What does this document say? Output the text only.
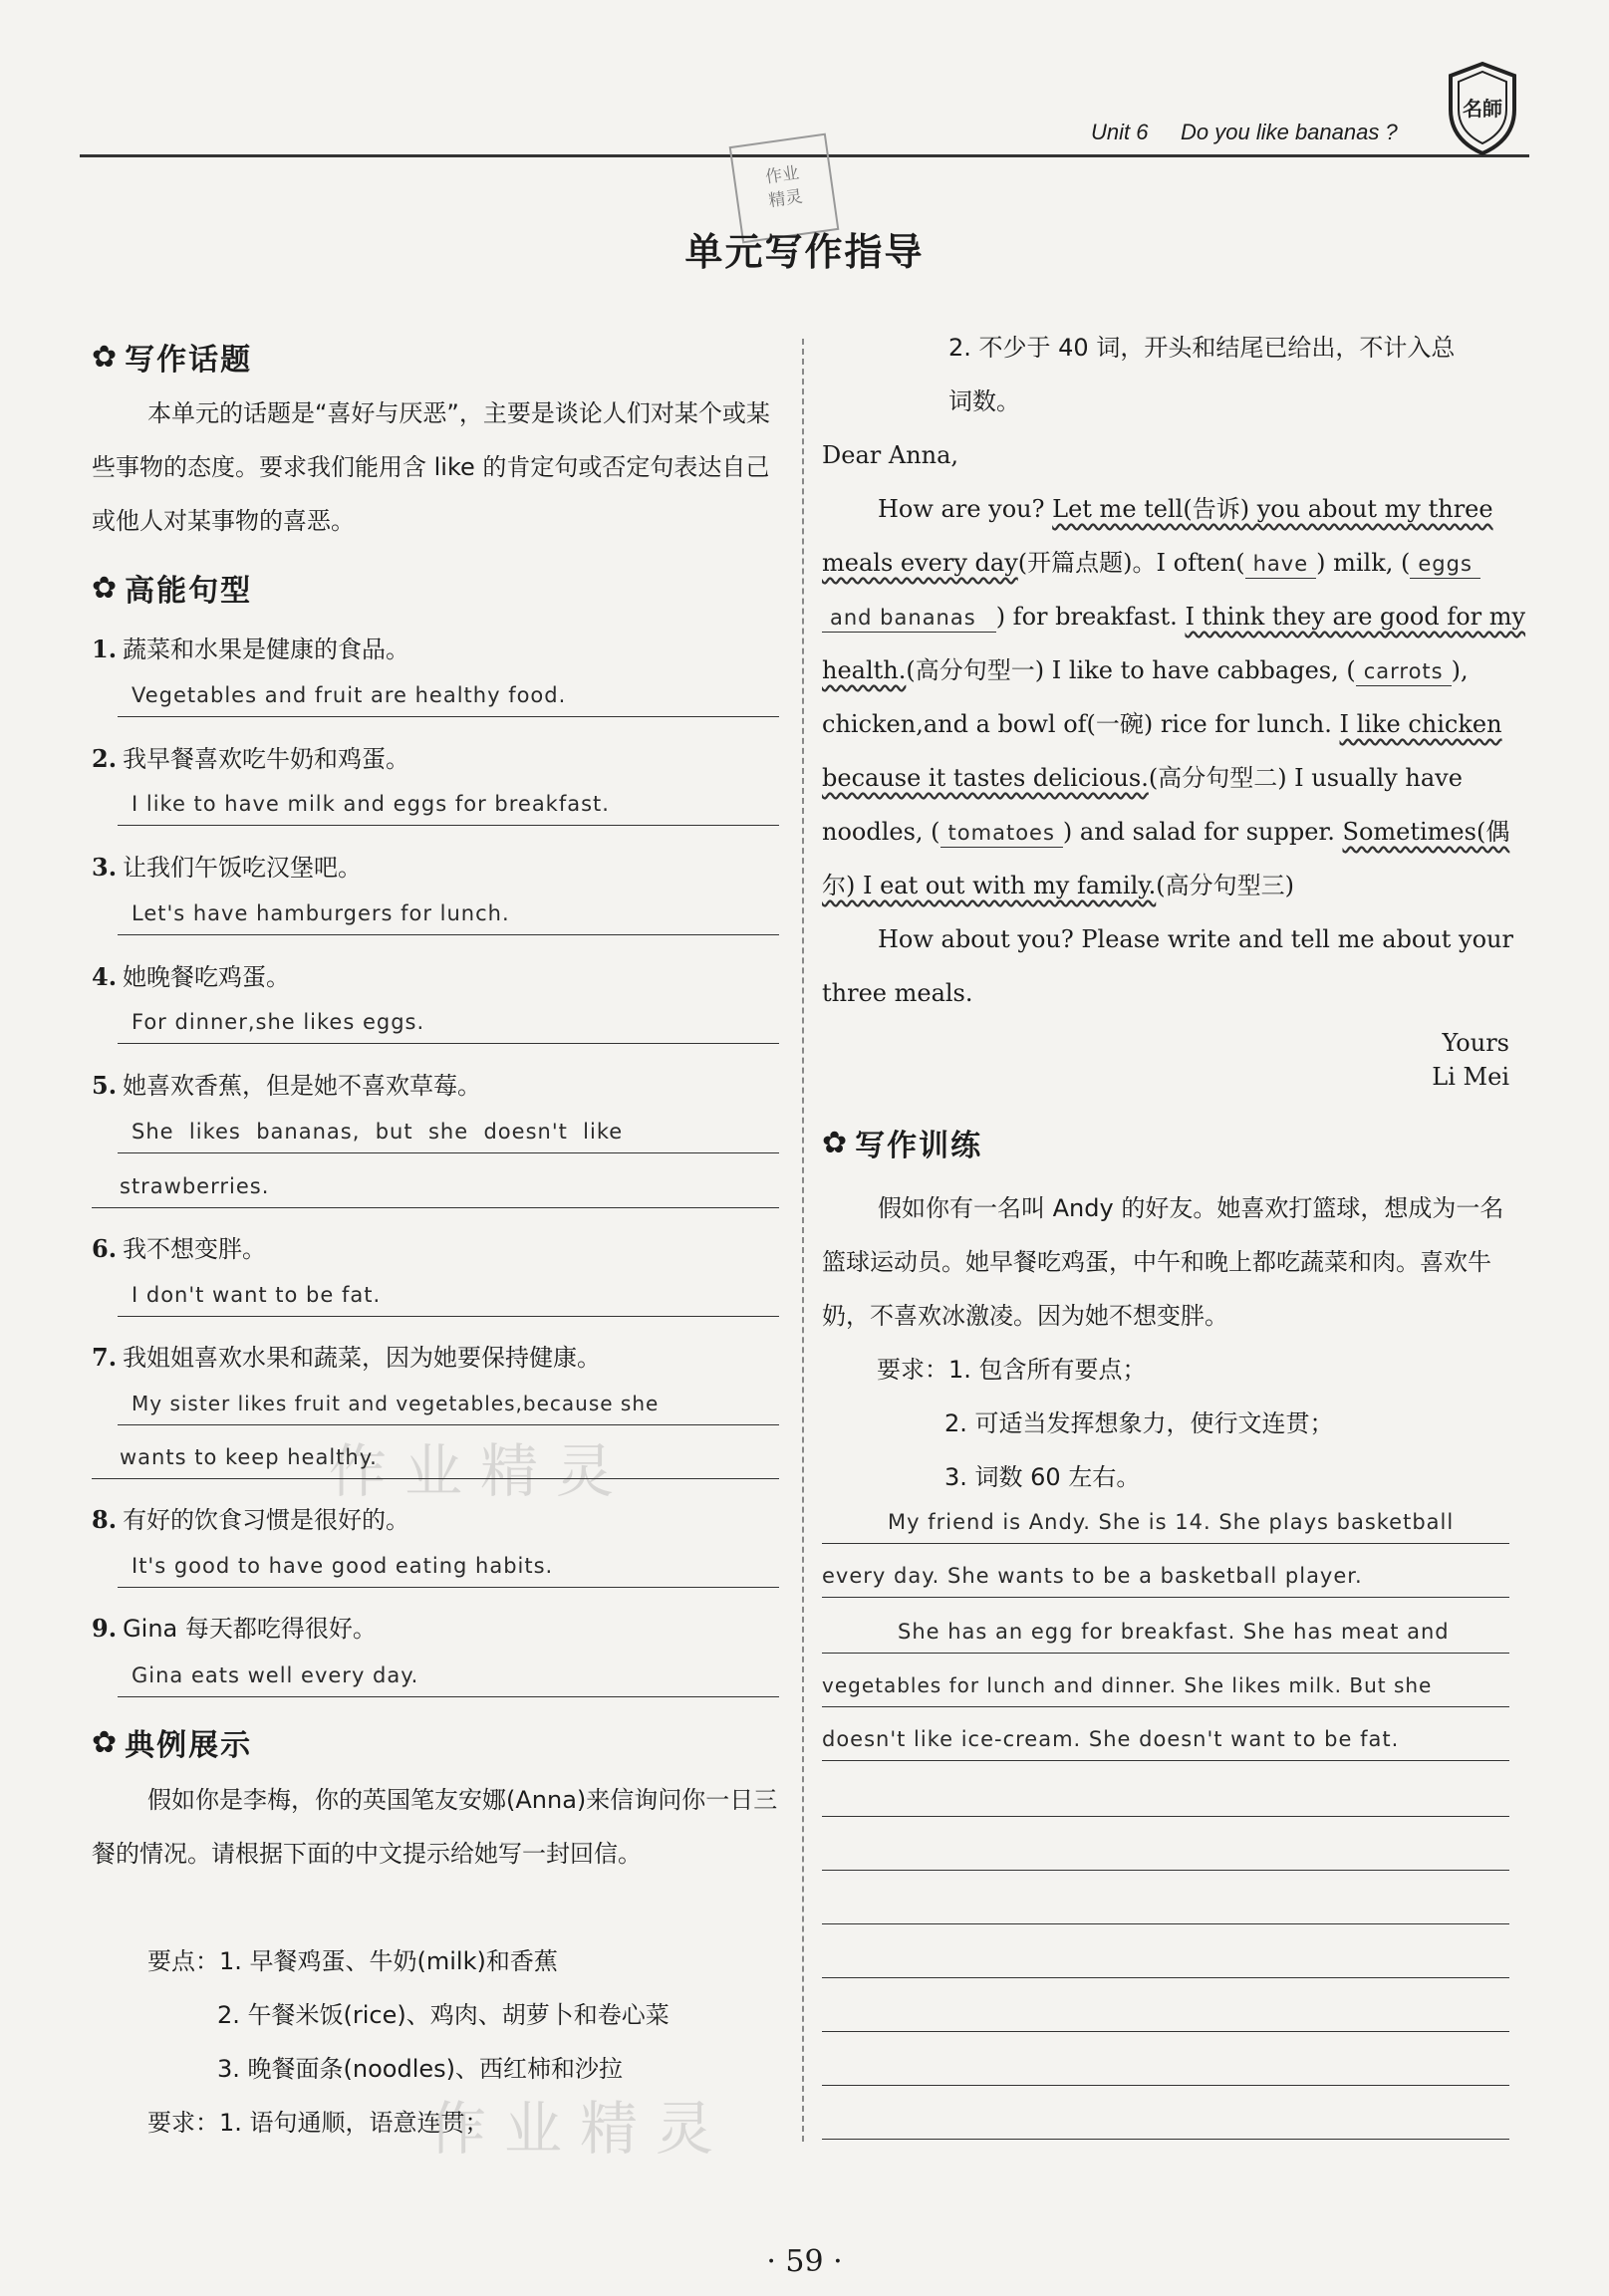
Unit 6 Do you like bananas ?
名師
作业
精灵
单元写作指导
作业精灵
作业精灵
✿ 写作话题
本单元的话题是“喜好与厌恶”，主要是谈论人们对某个或某些事物的态度。要求我们能用含 like 的肯定句或否定句表达自己或他人对某事物的喜恶。
✿ 高能句型
1. 蔬菜和水果是健康的食品。
Vegetables and fruit are healthy food.
2. 我早餐喜欢吃牛奶和鸡蛋。
I like to have milk and eggs for breakfast.
3. 让我们午饭吃汉堡吧。
Let's have hamburgers for lunch.
4. 她晚餐吃鸡蛋。
For dinner,she likes eggs.
5. 她喜欢香蕉，但是她不喜欢草莓。
She  likes  bananas,  but  she  doesn't  like
strawberries.
6. 我不想变胖。
I don't want to be fat.
7. 我姐姐喜欢水果和蔬菜，因为她要保持健康。
My sister likes fruit and vegetables,because she
wants to keep healthy.
8. 有好的饮食习惯是很好的。
It's good to have good eating habits.
9. Gina 每天都吃得很好。
Gina eats well every day.
✿ 典例展示
假如你是李梅，你的英国笔友安娜(Anna)来信询问你一日三餐的情况。请根据下面的中文提示给她写一封回信。
要点：1. 早餐鸡蛋、牛奶(milk)和香蕉
2. 午餐米饭(rice)、鸡肉、胡萝卜和卷心菜
3. 晚餐面条(noodles)、西红柿和沙拉
要求：1. 语句通顺，语意连贯；
2. 不少于 40 词，开头和结尾已给出，不计入总
词数。
Dear Anna,
How are you? Let me tell(告诉) you about my three
meals every day(开篇点题)。I often( have ) milk, ( eggs
and bananas ) for breakfast. I think they are good for my
health.(高分句型一) I like to have cabbages, ( carrots ),
chicken,and a bowl of(一碗) rice for lunch. I like chicken
because it tastes delicious.(高分句型二) I usually have
noodles, ( tomatoes ) and salad for supper. Sometimes(偶
尔) I eat out with my family.(高分句型三)
How about you? Please write and tell me about your
three meals.
Yours
Li Mei
✿ 写作训练
假如你有一名叫 Andy 的好友。她喜欢打篮球，想成为一名篮球运动员。她早餐吃鸡蛋，中午和晚上都吃蔬菜和肉。喜欢牛奶，不喜欢冰激凌。因为她不想变胖。
要求：1. 包含所有要点；
2. 可适当发挥想象力，使行文连贯；
3. 词数 60 左右。
My friend is Andy. She is 14. She plays basketball
every day. She wants to be a basketball player.
She has an egg for breakfast. She has meat and
vegetables for lunch and dinner. She likes milk. But she
doesn't like ice-cream. She doesn't want to be fat.
· 59 ·
